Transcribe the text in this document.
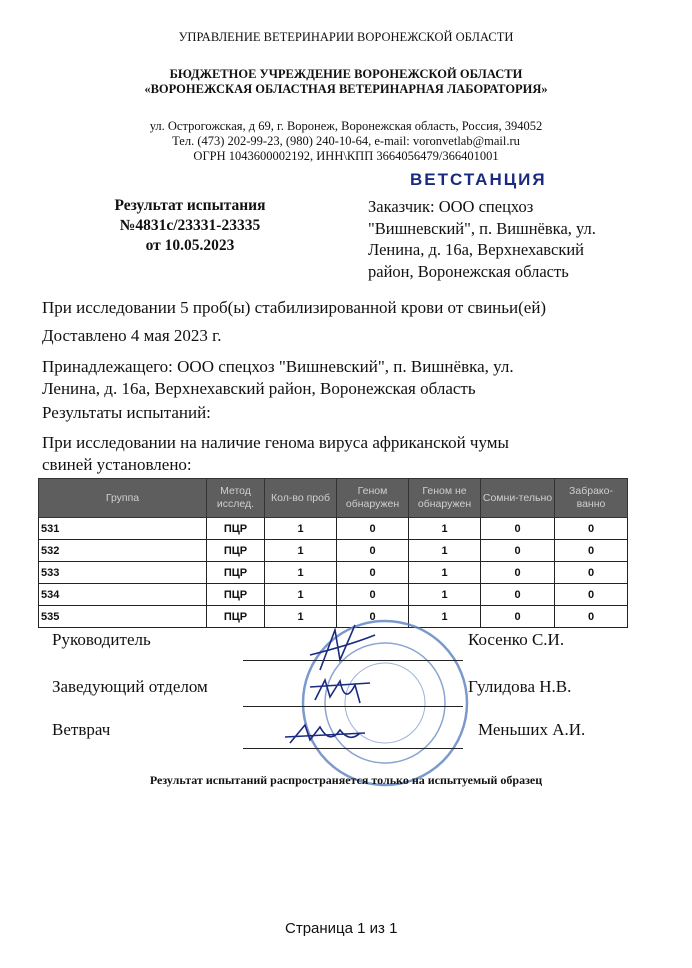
УПРАВЛЕНИЕ ВЕТЕРИНАРИИ ВОРОНЕЖСКОЙ ОБЛАСТИ
БЮДЖЕТНОЕ УЧРЕЖДЕНИЕ ВОРОНЕЖСКОЙ ОБЛАСТИ
«ВОРОНЕЖСКАЯ ОБЛАСТНАЯ ВЕТЕРИНАРНАЯ ЛАБОРАТОРИЯ»
ул. Острогожская, д 69, г. Воронеж, Воронежская область, Россия, 394052
Тел. (473) 202-99-23, (980) 240-10-64, e-mail: voronvetlab@mail.ru
ОГРН 1043600002192, ИНН\КПП 3664056479/366401001
ВЕТСТАНЦИЯ
Результат испытания
№4831с/23331-23335
от 10.05.2023
Заказчик: ООО спецхоз
"Вишневский", п. Вишнёвка, ул.
Ленина, д. 16а, Верхнехавский
район, Воронежская область
При исследовании 5 проб(ы) стабилизированной крови от свиньи(ей)
Доставлено 4 мая 2023 г.
Принадлежащего: ООО спецхоз "Вишневский", п. Вишнёвка, ул.
Ленина, д. 16а, Верхнехавский район, Воронежская область
Результаты испытаний:
При исследовании на наличие генома вируса африканской чумы
свиней установлено:
Группа	Метод исслед.	Кол-во проб	Геном обнаружен	Геном не обнаружен	Сомни-тельно	Забрако-ванно
531	ПЦР	1	0	1	0	0
532	ПЦР	1	0	1	0	0
533	ПЦР	1	0	1	0	0
534	ПЦР	1	0	1	0	0
535	ПЦР	1	0	1	0	0
Руководитель	Косенко С.И.
Заведующий отделом	Гулидова Н.В.
Ветврач	Меньших А.И.
Результат испытаний распространяется только на испытуемый образец
Страница 1 из 1
